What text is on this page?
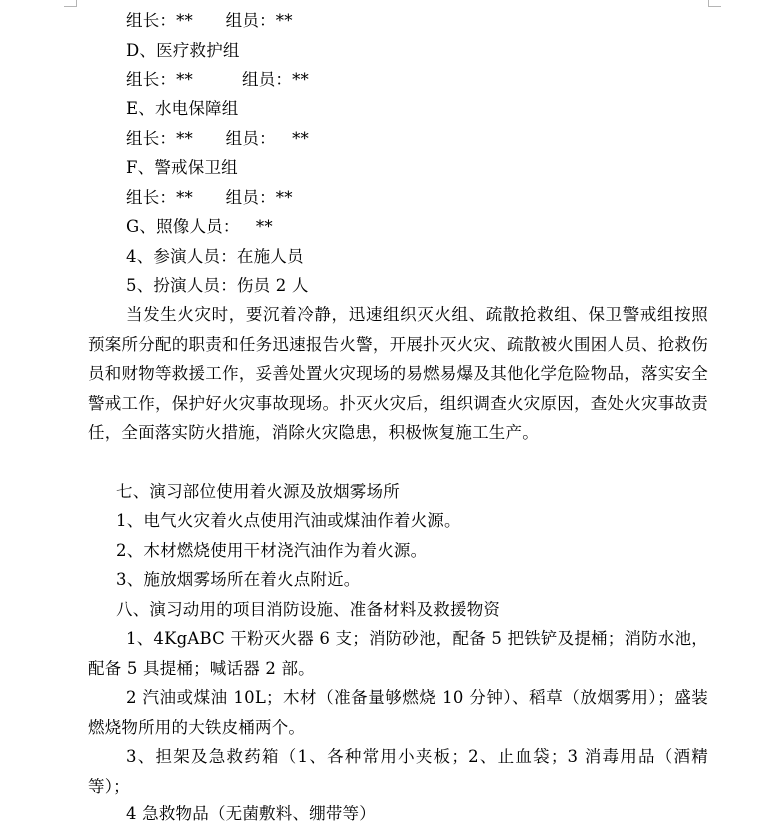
组长：**      组员：**
D、医疗救护组
组长：**         组员：**
E、水电保障组
组长：**      组员：   **
F、警戒保卫组
组长：**      组员：**
G、照像人员：   **
4、参演人员：在施人员
5、扮演人员：伤员 2 人
当发生火灾时，要沉着冷静，迅速组织灭火组、疏散抢救组、保卫警戒组按照预案所分配的职责和任务迅速报告火警，开展扑灭火灾、疏散被火围困人员、抢救伤员和财物等救援工作，妥善处置火灾现场的易燃易爆及其他化学危险物品，落实安全警戒工作，保护好火灾事故现场。扑灭火灾后，组织调查火灾原因，查处火灾事故责任，全面落实防火措施，消除火灾隐患，积极恢复施工生产。
七、演习部位使用着火源及放烟雾场所
1、电气火灾着火点使用汽油或煤油作着火源。
2、木材燃烧使用干材浇汽油作为着火源。
3、施放烟雾场所在着火点附近。
八、演习动用的项目消防设施、准备材料及救援物资
1、4KgABC 干粉灭火器 6 支；消防砂池，配备 5 把铁铲及提桶；消防水池，配备 5 具提桶；喊话器 2 部。
2 汽油或煤油 10L；木材（准备量够燃烧 10 分钟）、稻草（放烟雾用）；盛装燃烧物所用的大铁皮桶两个。
3、担架及急救药箱（1、各种常用小夹板；2、止血袋；3 消毒用品（酒精等）；
4 急救物品（无菌敷料、绷带等）
